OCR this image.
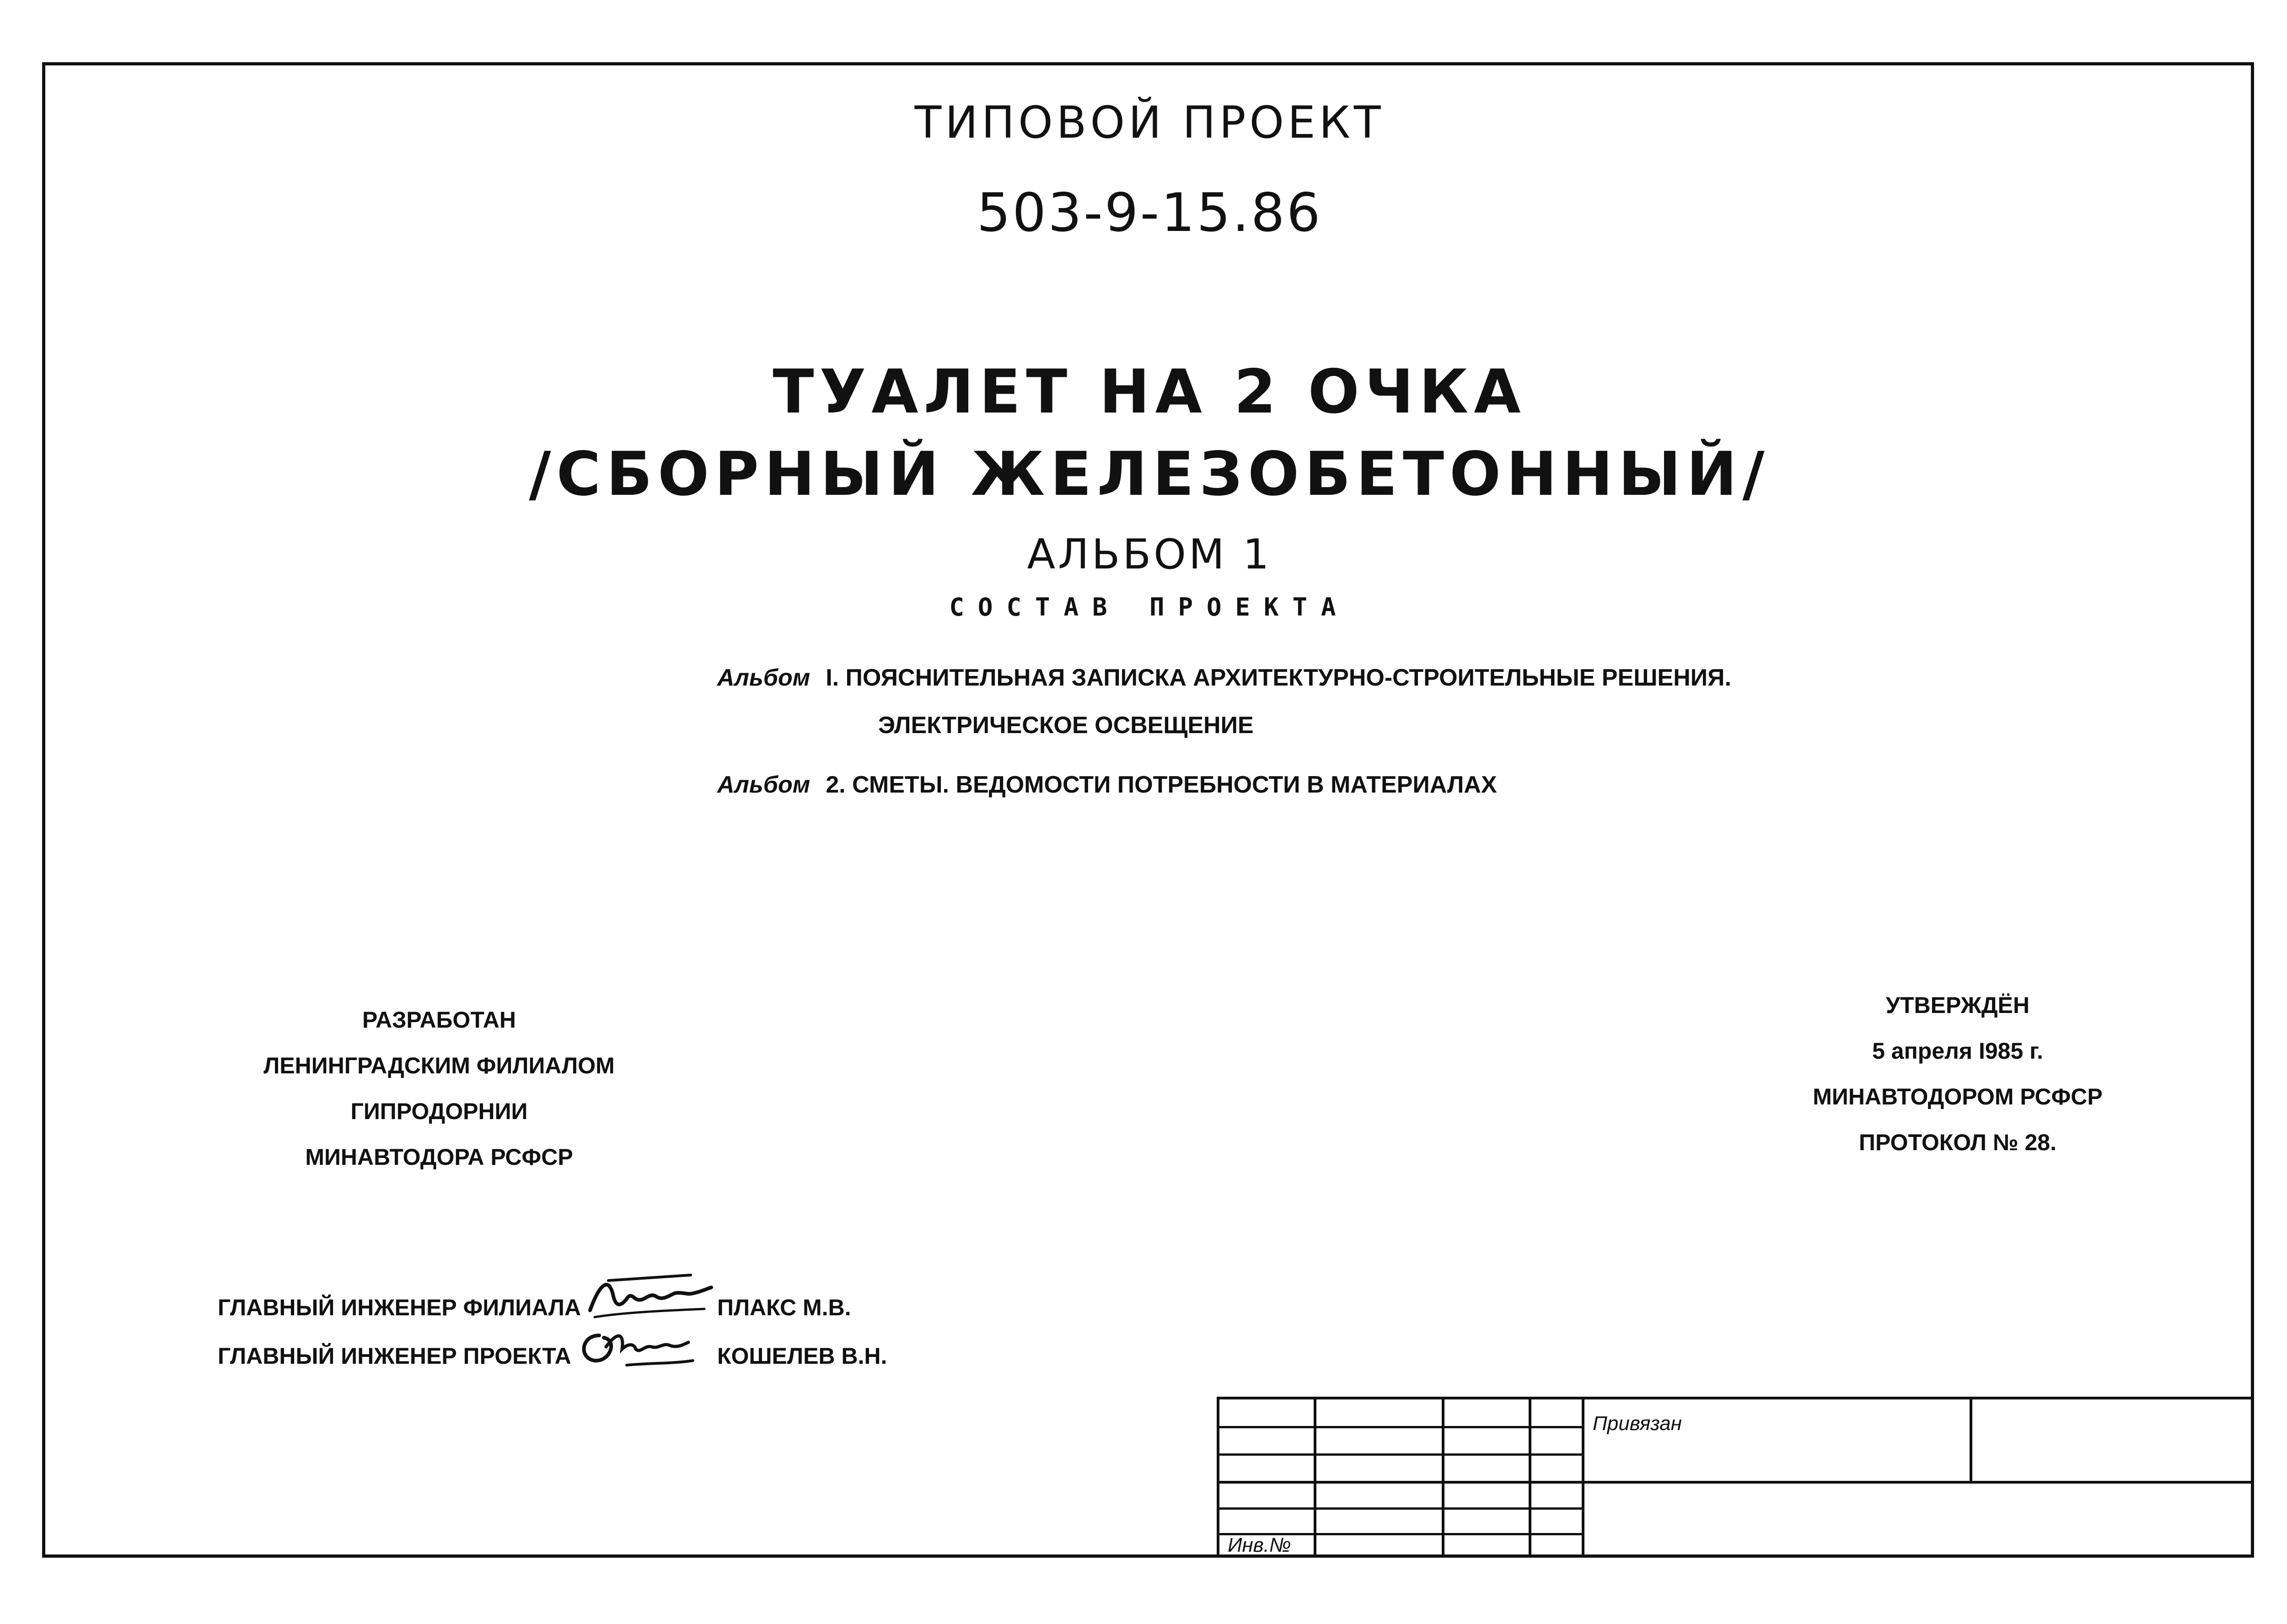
ТИПОВОЙ ПРОЕКТ
503-9-15.86
ТУАЛЕТ НА 2 ОЧКА
/СБОРНЫЙ ЖЕЛЕЗОБЕТОННЫЙ/
АЛЬБОМ 1
СОСТАВ ПРОЕКТА
Альбом I. ПОЯСНИТЕЛЬНАЯ ЗАПИСКА АРХИТЕКТУРНО-СТРОИТЕЛЬНЫЕ РЕШЕНИЯ.
ЭЛЕКТРИЧЕСКОЕ ОСВЕЩЕНИЕ
Альбом 2. СМЕТЫ. ВЕДОМОСТИ ПОТРЕБНОСТИ В МАТЕРИАЛАХ
РАЗРАБОТАН
ЛЕНИНГРАДСКИМ ФИЛИАЛОМ
ГИПРОДОРНИИ
МИНАВТОДОРА РСФСР
УТВЕРЖДЁН
5 апреля I985 г.
МИНАВТОДОРОМ РСФСР
ПРОТОКОЛ № 28.
ГЛАВНЫЙ ИНЖЕНЕР ФИЛИАЛА	ПЛАКС М.В.
ГЛАВНЫЙ ИНЖЕНЕР ПРОЕКТА	КОШЕЛЕВ В.Н.
Привязан
Инв.№
